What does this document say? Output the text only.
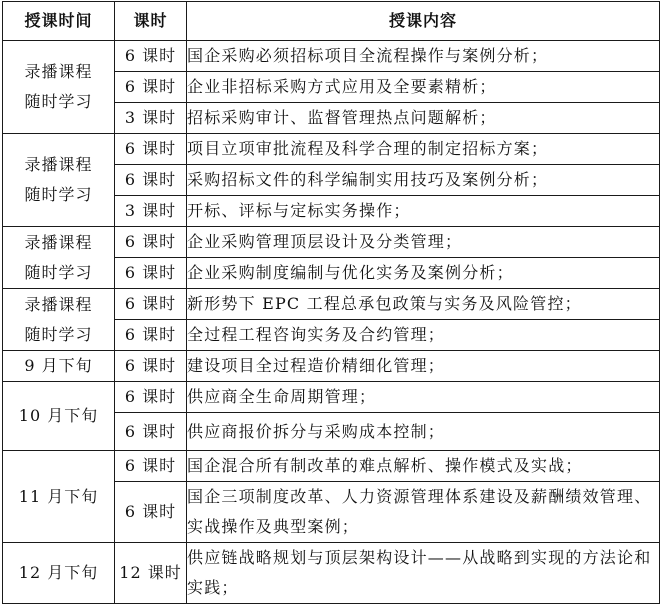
授课时间	课时	授课内容

录播课程
随时学习	6 课时	国企采购必须招标项目全流程操作与案例分析；
	6 课时	企业非招标采购方式应用及全要素精析；
	3 课时	招标采购审计、监督管理热点问题解析；

录播课程
随时学习	6 课时	项目立项审批流程及科学合理的制定招标方案；
	6 课时	采购招标文件的科学编制实用技巧及案例分析；
	3 课时	开标、评标与定标实务操作；

录播课程
随时学习	6 课时	企业采购管理顶层设计及分类管理；
	6 课时	企业采购制度编制与优化实务及案例分析；

录播课程
随时学习	6 课时	新形势下 EPC 工程总承包政策与实务及风险管控；
	6 课时	全过程工程咨询实务及合约管理；

9 月下旬	6 课时	建设项目全过程造价精细化管理；

10 月下旬	6 课时	供应商全生命周期管理；
	6 课时	供应商报价拆分与采购成本控制；

11 月下旬	6 课时	国企混合所有制改革的难点解析、操作模式及实战；
	6 课时	国企三项制度改革、人力资源管理体系建设及薪酬绩效管理、实战操作及典型案例；

12 月下旬	12 课时	供应链战略规划与顶层架构设计——从战略到实现的方法论和实践；
